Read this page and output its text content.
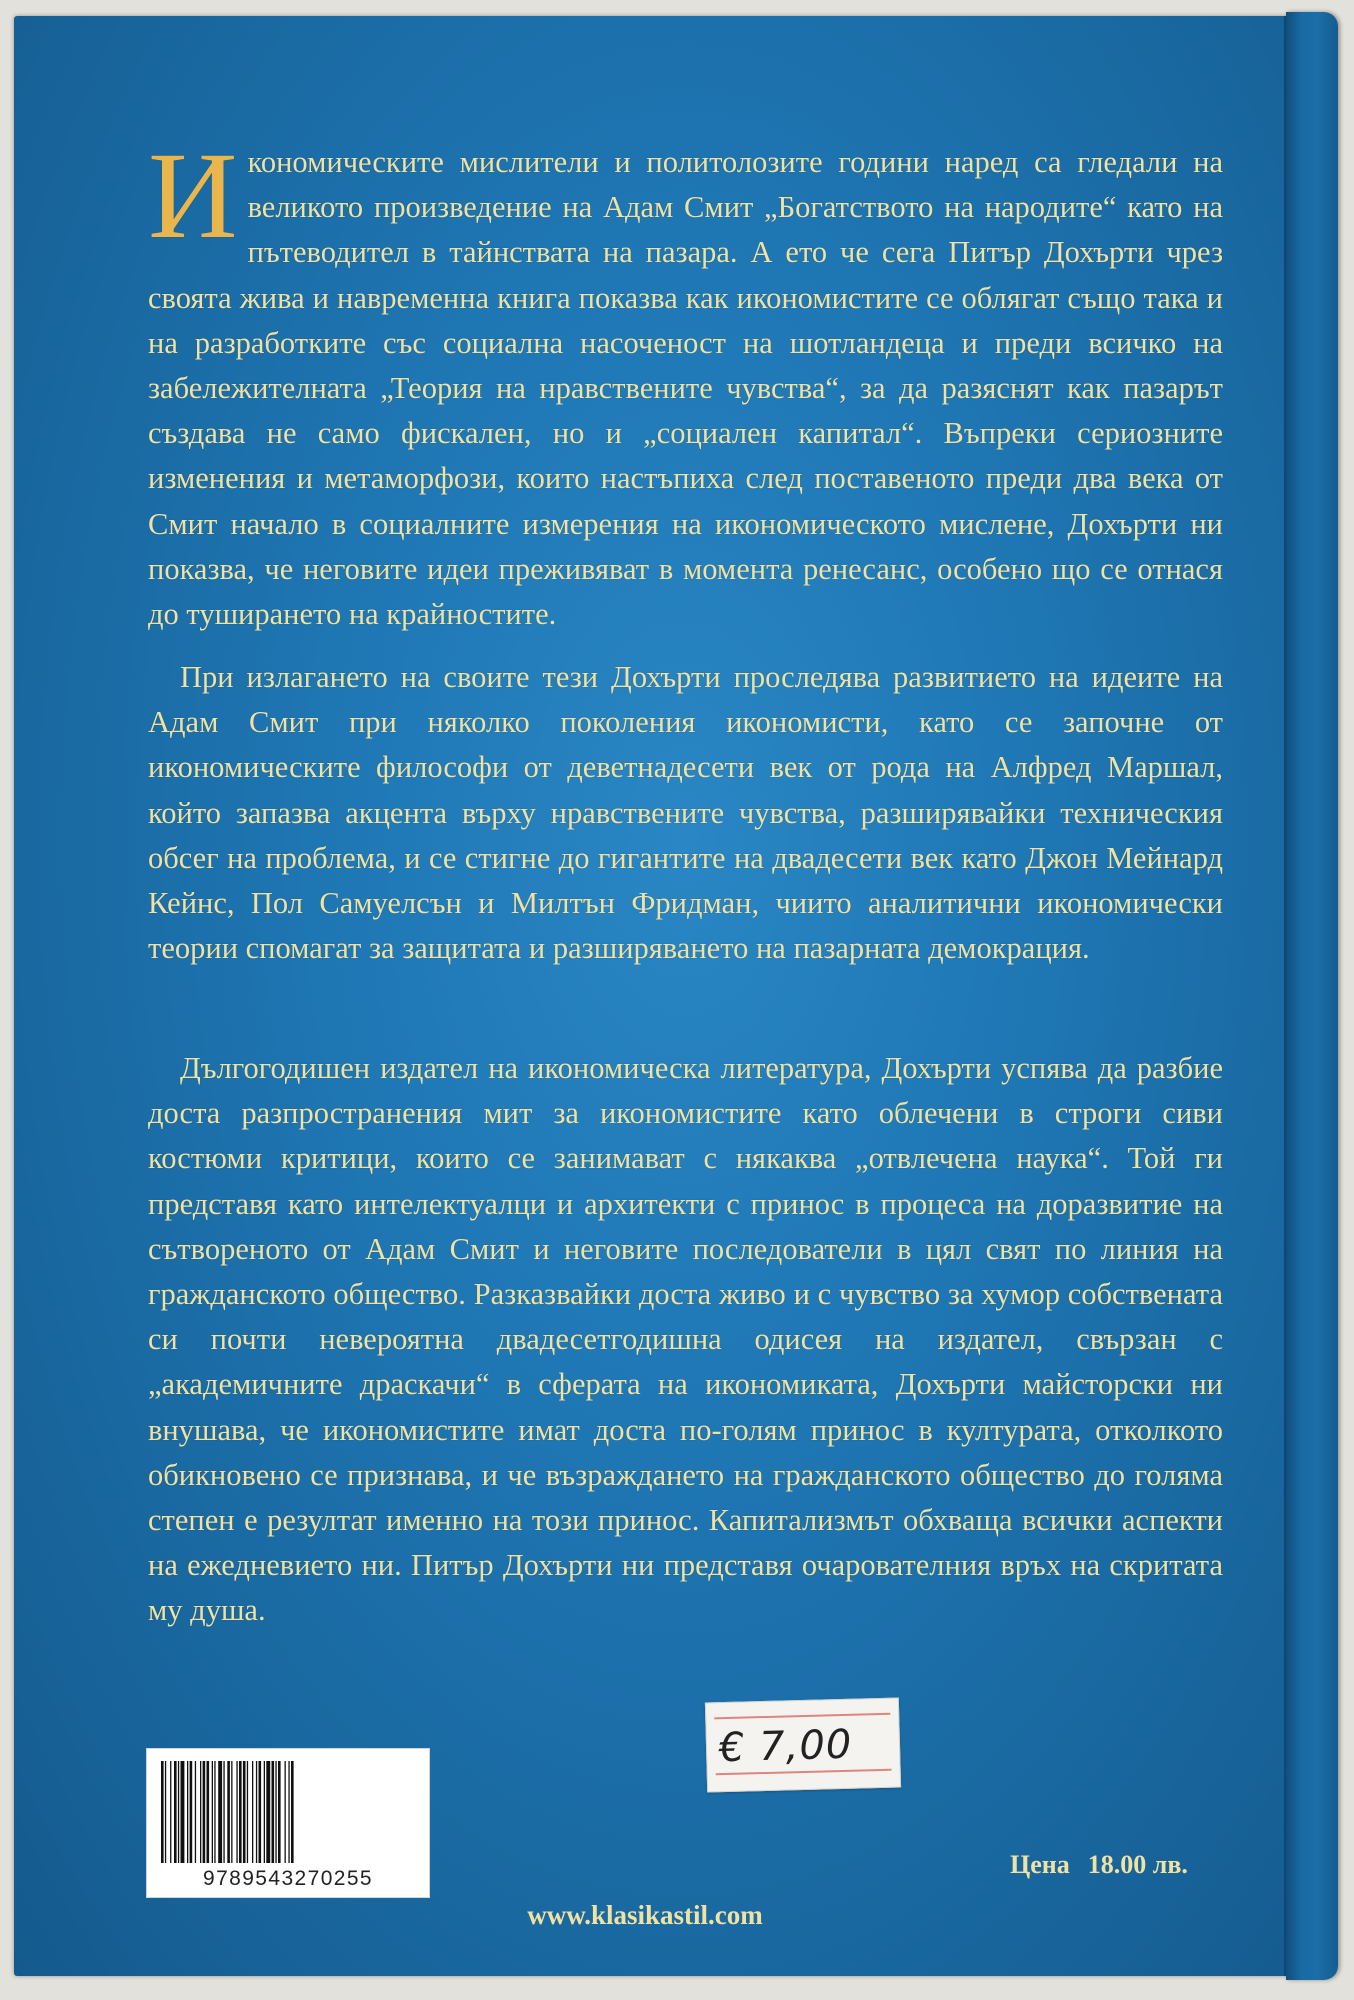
Икономическите мислители и политолозите години наред са гледали на великото произведение на Адам Смит „Богатството на народите“ като на пътеводител в тайнствата на пазара. А ето че сега Питър Дохърти чрез своята жива и навременна книга показва как икономистите се облягат също така и на разработките със социална насоченост на шотландеца и преди всичко на забележителната „Теория на нравствените чувства“, за да разяснят как пазарът създава не само фискален, но и „социален капитал“. Въпреки сериозните изменения и метаморфози, които настъпиха след поставеното преди два века от Смит начало в социалните измерения на икономическото мислене, Дохърти ни показва, че неговите идеи преживяват в момента ренесанс, особено що се отнася до туширането на крайностите.

При излагането на своите тези Дохърти проследява развитието на идеите на Адам Смит при няколко поколения икономисти, като се започне от икономическите философи от деветнадесети век от рода на Алфред Маршал, който запазва акцента върху нравствените чувства, разширявайки техническия обсег на проблема, и се стигне до гигантите на двадесети век като Джон Мейнард Кейнс, Пол Самуелсън и Милтън Фридман, чиито аналитични икономически теории спомагат за защитата и разширяването на пазарната демокрация.

Дългогодишен издател на икономическа литература, Дохърти успява да разбие доста разпространения мит за икономистите като облечени в строги сиви костюми критици, които се занимават с някаква „отвлечена наука“. Той ги представя като интелектуалци и архитекти с принос в процеса на доразвитие на сътвореното от Адам Смит и неговите последователи в цял свят по линия на гражданското общество. Разказвайки доста живо и с чувство за хумор собствената си почти невероятна двадесетгодишна одисея на издател, свързан с „академичните драскачи“ в сферата на икономиката, Дохърти майсторски ни внушава, че икономистите имат доста по-голям принос в културата, отколкото обикновено се признава, и че възраждането на гражданското общество до голяма степен е резултат именно на този принос. Капитализмът обхваща всички аспекти на ежедневието ни. Питър Дохърти ни представя очарователния връх на скритата му душа.

9789543270255
€ 7,00
Цена 18.00 лв.
www.klasikastil.com
